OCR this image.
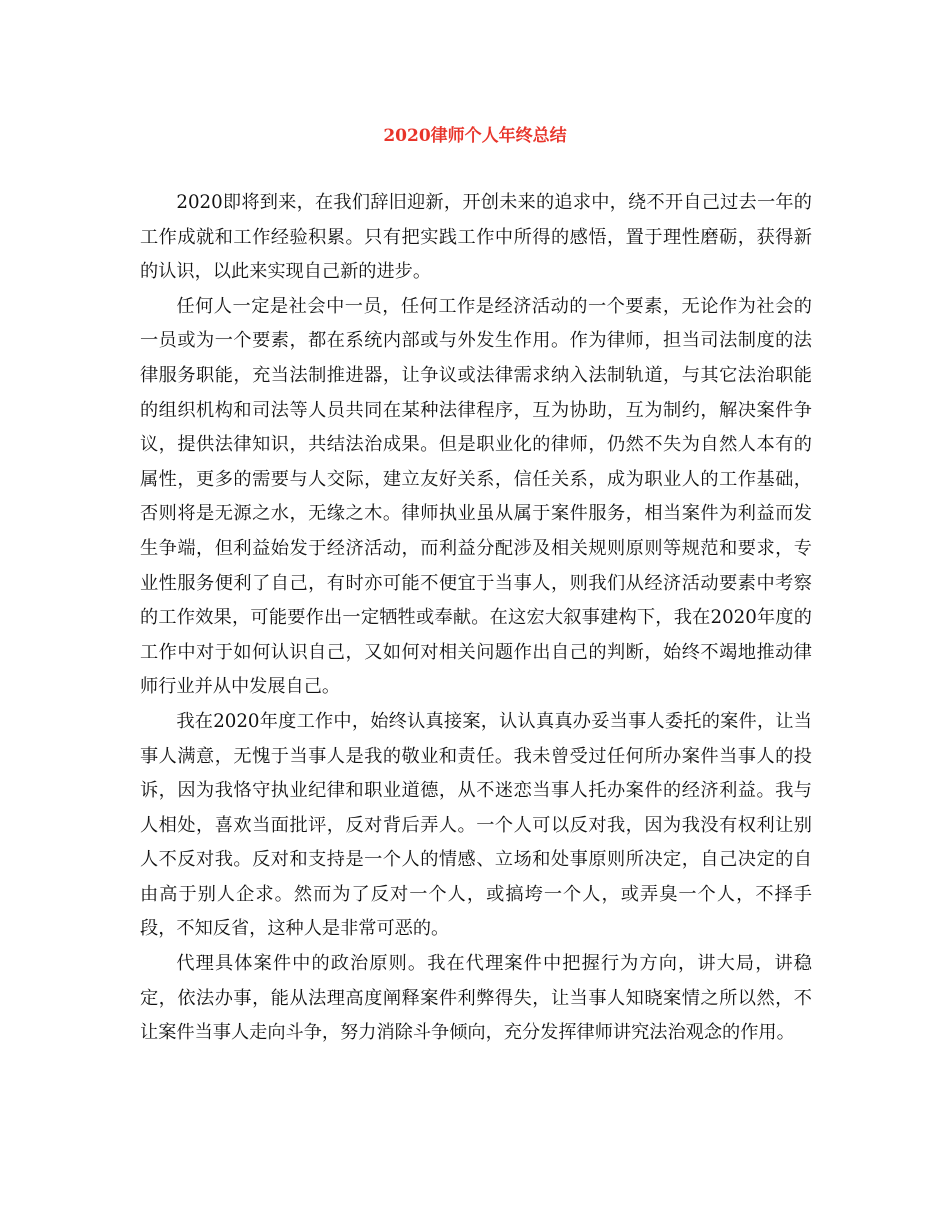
2020律师个人年终总结

2020即将到来，在我们辞旧迎新，开创未来的追求中，绕不开自己过去一年的工作成就和工作经验积累。只有把实践工作中所得的感悟，置于理性磨砺，获得新的认识，以此来实现自己新的进步。

任何人一定是社会中一员，任何工作是经济活动的一个要素，无论作为社会的一员或为一个要素，都在系统内部或与外发生作用。作为律师，担当司法制度的法律服务职能，充当法制推进器，让争议或法律需求纳入法制轨道，与其它法治职能的组织机构和司法等人员共同在某种法律程序，互为协助，互为制约，解决案件争议，提供法律知识，共结法治成果。但是职业化的律师，仍然不失为自然人本有的属性，更多的需要与人交际，建立友好关系，信任关系，成为职业人的工作基础，否则将是无源之水，无缘之木。律师执业虽从属于案件服务，相当案件为利益而发生争端，但利益始发于经济活动，而利益分配涉及相关规则原则等规范和要求，专业性服务便利了自己，有时亦可能不便宜于当事人，则我们从经济活动要素中考察的工作效果，可能要作出一定牺牲或奉献。在这宏大叙事建构下，我在2020年度的工作中对于如何认识自己，又如何对相关问题作出自己的判断，始终不竭地推动律师行业并从中发展自己。

我在2020年度工作中，始终认真接案，认认真真办妥当事人委托的案件，让当事人满意，无愧于当事人是我的敬业和责任。我未曾受过任何所办案件当事人的投诉，因为我恪守执业纪律和职业道德，从不迷恋当事人托办案件的经济利益。我与人相处，喜欢当面批评，反对背后弄人。一个人可以反对我，因为我没有权利让别人不反对我。反对和支持是一个人的情感、立场和处事原则所决定，自己决定的自由高于别人企求。然而为了反对一个人，或搞垮一个人，或弄臭一个人，不择手段，不知反省，这种人是非常可恶的。

代理具体案件中的政治原则。我在代理案件中把握行为方向，讲大局，讲稳定，依法办事，能从法理高度阐释案件利弊得失，让当事人知晓案情之所以然，不让案件当事人走向斗争，努力消除斗争倾向，充分发挥律师讲究法治观念的作用。
